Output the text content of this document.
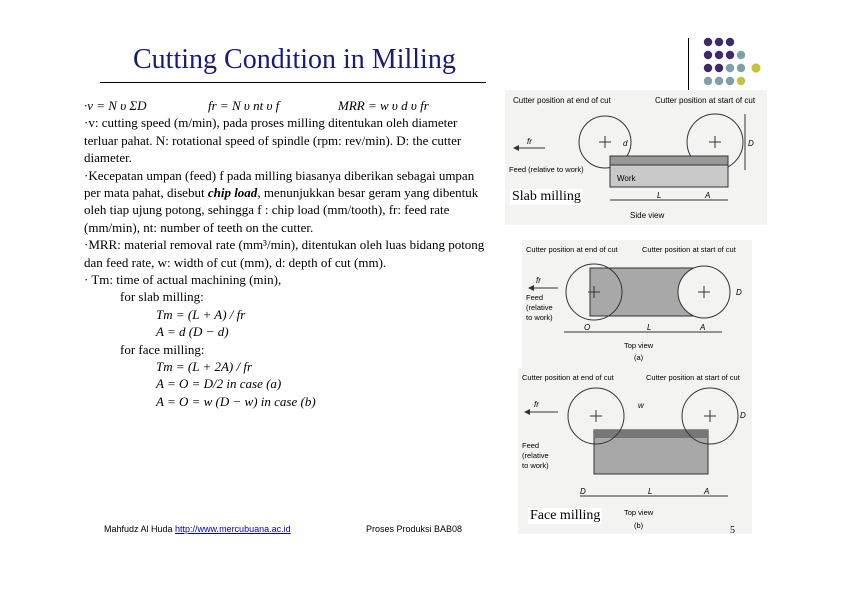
Cutting Condition in Milling
·v = N υ ΣD	fr = N υ nt υ f	MRR = w υ d υ fr

·v: cutting speed (m/min), pada proses milling ditentukan oleh diameter terluar pahat. N: rotational speed of spindle (rpm: rev/min). D: the cutter diameter.

·Kecepatan umpan (feed) f pada milling biasanya diberikan sebagai umpan per mata pahat, disebut chip load, menunjukkan besar geram yang dibentuk oleh tiap ujung potong, sehingga f : chip load (mm/tooth), fr: feed rate (mm/min), nt: number of teeth on the cutter.

·MRR: material removal rate (mm³/min), ditentukan oleh luas bidang potong dan feed rate, w: width of cut (mm), d: depth of cut (mm).

· Tm: time of actual machining (min),

for slab milling:

Tm = (L + A) / fr

A = d (D − d)

for face milling:

Tm = (L + 2A) / fr

A = O = D/2 in case (a)

A = O = w (D − w) in case (b)

Cutter position at end of cut	Cutter position at start of cut
Work
Feed (relative to work)
fr	d	D
L	A
Side view
Slab milling
Cutter position at end of cut	Cutter position at start of cut
Feed
(relative
to work)
fr
D
O	L	A
Top view
(a)
Cutter position at end of cut	Cutter position at start of cut
Feed
(relative
to work)
fr	w
D
D	L	A
Top view
(b)
Face milling
Mahfudz Al Huda http://www.mercubuana.ac.id	Proses Produksi BAB08	5
